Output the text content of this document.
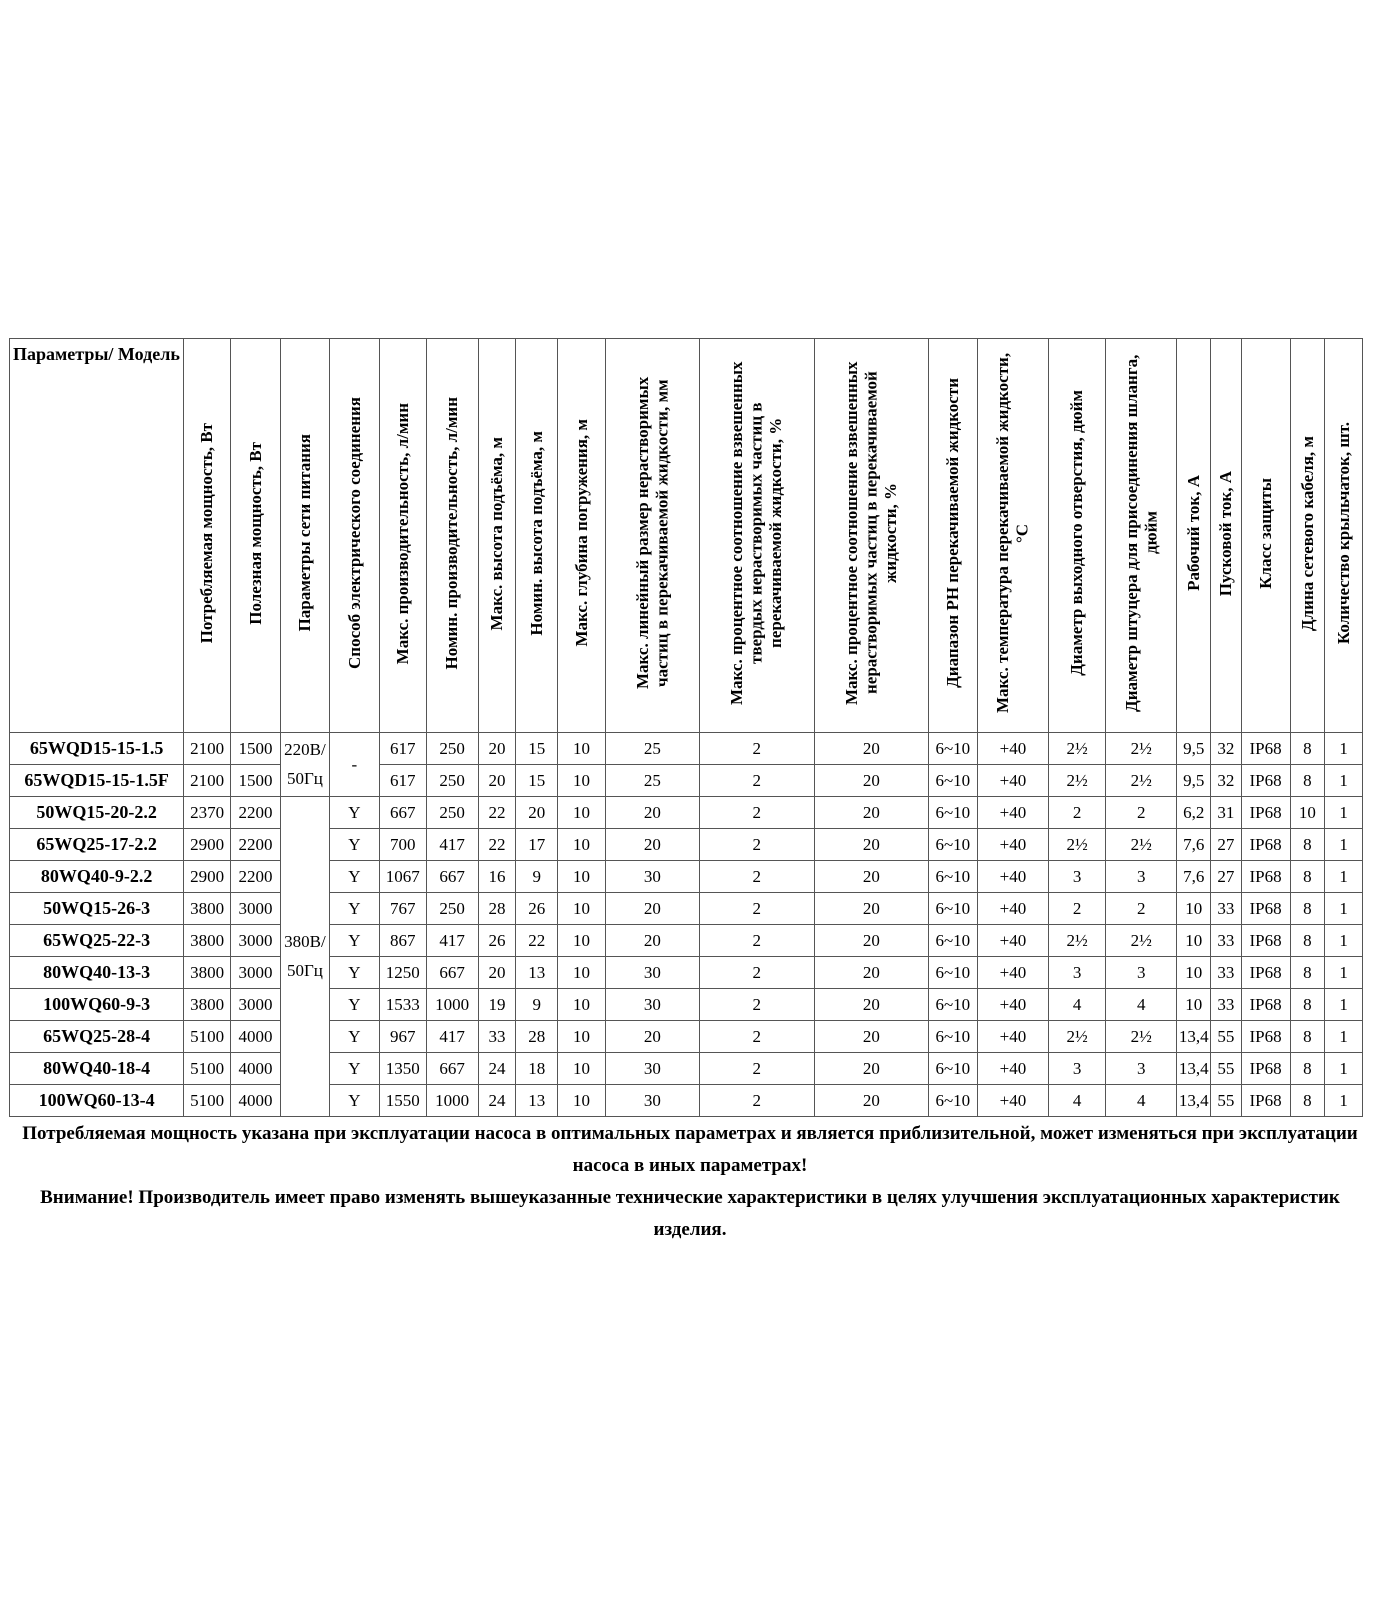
Параметры/ Модель	Потребляемая мощность, Вт	Полезная мощность, Вт	Параметры сети питания	Способ электрического соединения	Макс. производительность, л/мин	Номин. производительность, л/мин	Макс. высота подъёма, м	Номин. высота подъёма, м	Макс. глубина погружения, м	Макс. линейный размер нерастворимых частиц в перекачиваемой жидкости, мм	Макс. процентное соотношение взвешенных твердых нерастворимых частиц в перекачиваемой жидкости, %	Макс. процентное соотношение взвешенных нерастворимых частиц в перекачиваемой жидкости, %	Диапазон PH перекачиваемой жидкости	Макс. температура перекачиваемой жидкости, °C	Диаметр выходного отверстия, дюйм	Диаметр штуцера для присоединения шланга, дюйм	Рабочий ток, А	Пусковой ток, А	Класс защиты	Длина сетевого кабеля, м	Количество крыльчаток, шт.
65WQD15-15-1.5	2100	1500	220В/ 50Гц	-	617	250	20	15	10	25	2	20	6~10	+40	2½	2½	9,5	32	IP68	8	1
65WQD15-15-1.5F	2100	1500			617	250	20	15	10	25	2	20	6~10	+40	2½	2½	9,5	32	IP68	8	1
50WQ15-20-2.2	2370	2200	380В/ 50Гц	Y	667	250	22	20	10	20	2	20	6~10	+40	2	2	6,2	31	IP68	10	1
65WQ25-17-2.2	2900	2200		Y	700	417	22	17	10	20	2	20	6~10	+40	2½	2½	7,6	27	IP68	8	1
80WQ40-9-2.2	2900	2200		Y	1067	667	16	9	10	30	2	20	6~10	+40	3	3	7,6	27	IP68	8	1
50WQ15-26-3	3800	3000		Y	767	250	28	26	10	20	2	20	6~10	+40	2	2	10	33	IP68	8	1
65WQ25-22-3	3800	3000		Y	867	417	26	22	10	20	2	20	6~10	+40	2½	2½	10	33	IP68	8	1
80WQ40-13-3	3800	3000		Y	1250	667	20	13	10	30	2	20	6~10	+40	3	3	10	33	IP68	8	1
100WQ60-9-3	3800	3000		Y	1533	1000	19	9	10	30	2	20	6~10	+40	4	4	10	33	IP68	8	1
65WQ25-28-4	5100	4000		Y	967	417	33	28	10	20	2	20	6~10	+40	2½	2½	13,4	55	IP68	8	1
80WQ40-18-4	5100	4000		Y	1350	667	24	18	10	30	2	20	6~10	+40	3	3	13,4	55	IP68	8	1
100WQ60-13-4	5100	4000		Y	1550	1000	24	13	10	30	2	20	6~10	+40	4	4	13,4	55	IP68	8	1

Потребляемая мощность указана при эксплуатации насоса в оптимальных параметрах и является приблизительной, может изменяться при эксплуатации насоса в иных параметрах!

Внимание! Производитель имеет право изменять вышеуказанные технические характеристики в целях улучшения эксплуатационных характеристик изделия.
